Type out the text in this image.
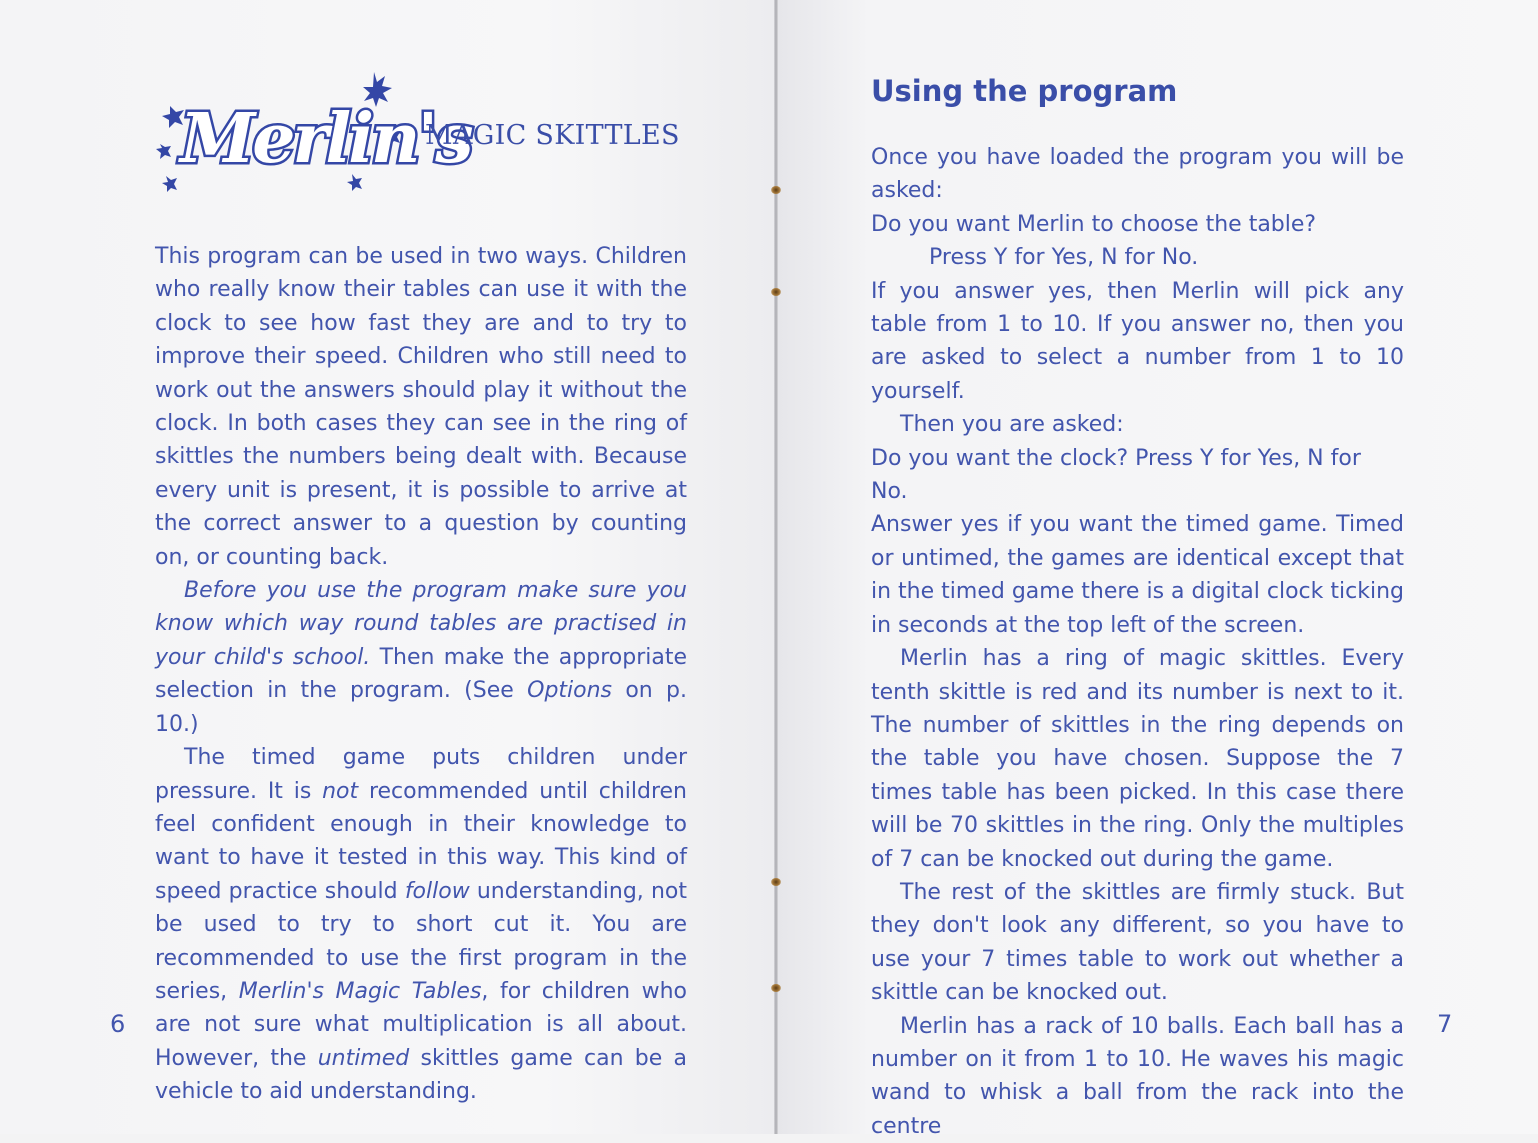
Merlin's
MAGIC SKITTLES

This program can be used in two ways. Children who really know their tables can use it with the clock to see how fast they are and to try to improve their speed. Children who still need to work out the answers should play it without the clock. In both cases they can see in the ring of skittles the numbers being dealt with. Because every unit is present, it is possible to arrive at the correct answer to a question by counting on, or counting back.

Before you use the program make sure you know which way round tables are practised in your child's school. Then make the appropriate selection in the program. (See Options on p. 10.)

The timed game puts children under pressure. It is not recommended until children feel confident enough in their knowledge to want to have it tested in this way. This kind of speed practice should follow understanding, not be used to try to short cut it. You are recommended to use the first program in the series, Merlin's Magic Tables, for children who are not sure what multiplication is all about. However, the untimed skittles game can be a vehicle to aid understanding.

6
Using the program

Once you have loaded the program you will be asked:

Do you want Merlin to choose the table?

Press Y for Yes, N for No.

If you answer yes, then Merlin will pick any table from 1 to 10. If you answer no, then you are asked to select a number from 1 to 10 yourself.

Then you are asked:

Do you want the clock? Press Y for Yes, N for No.

Answer yes if you want the timed game. Timed or untimed, the games are identical except that in the timed game there is a digital clock ticking in seconds at the top left of the screen.

Merlin has a ring of magic skittles. Every tenth skittle is red and its number is next to it. The number of skittles in the ring depends on the table you have chosen. Suppose the 7 times table has been picked. In this case there will be 70 skittles in the ring. Only the multiples of 7 can be knocked out during the game.

The rest of the skittles are firmly stuck. But they don't look any different, so you have to use your 7 times table to work out whether a skittle can be knocked out.

Merlin has a rack of 10 balls. Each ball has a number on it from 1 to 10. He waves his magic wand to whisk a ball from the rack into the centre

7
